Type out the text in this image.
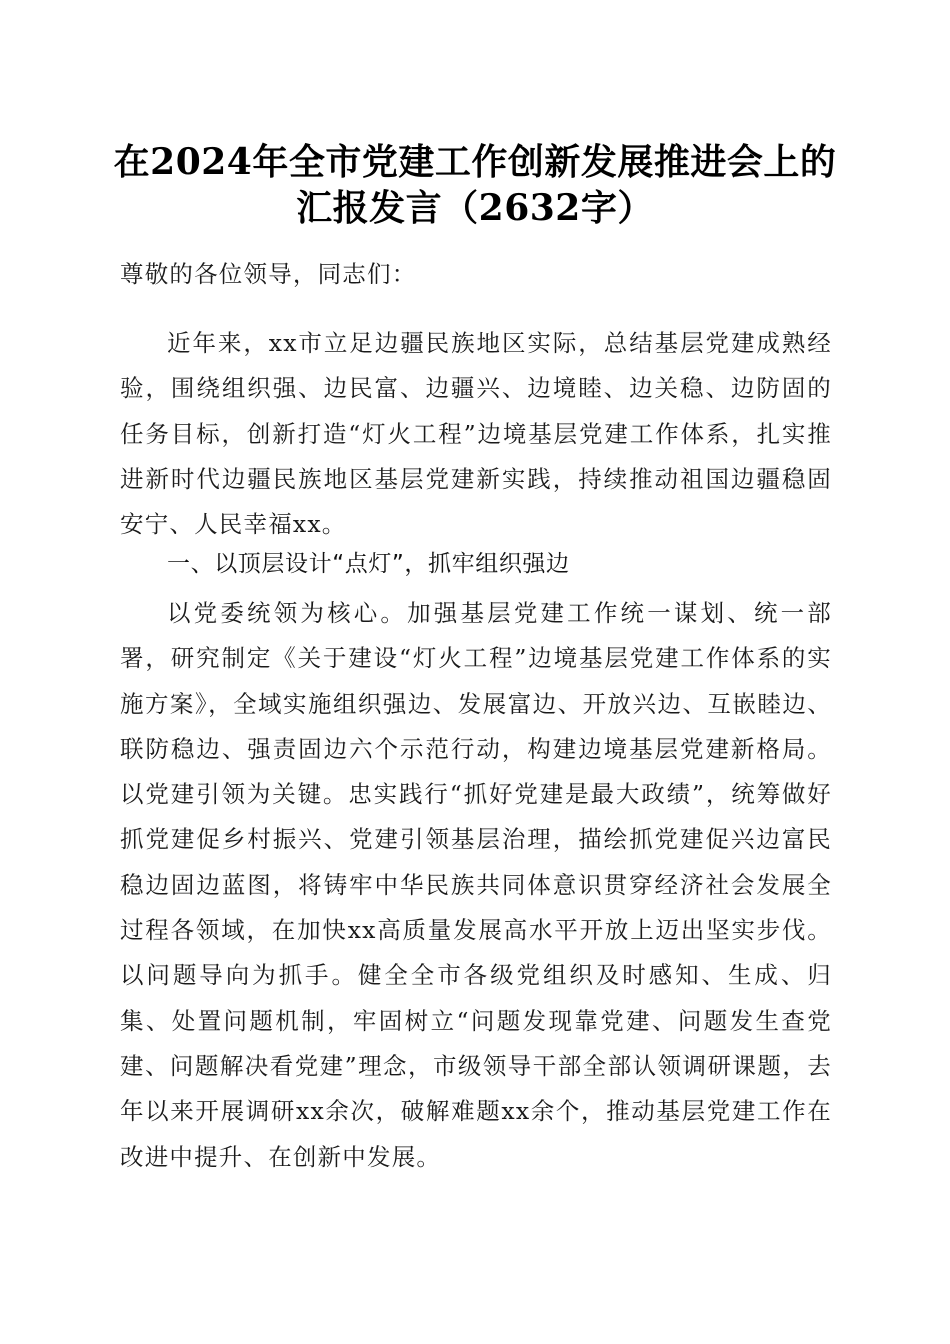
在2024年全市党建工作创新发展推进会上的
汇报发言（2632字）
尊敬的各位领导，同志们：
近年来，xx市立足边疆民族地区实际，总结基层党建成熟经验，围绕组织强、边民富、边疆兴、边境睦、边关稳、边防固的任务目标，创新打造“灯火工程”边境基层党建工作体系，扎实推进新时代边疆民族地区基层党建新实践，持续推动祖国边疆稳固安宁、人民幸福xx。
一、以顶层设计“点灯”，抓牢组织强边
以党委统领为核心。加强基层党建工作统一谋划、统一部署，研究制定《关于建设“灯火工程”边境基层党建工作体系的实施方案》，全域实施组织强边、发展富边、开放兴边、互嵌睦边、联防稳边、强责固边六个示范行动，构建边境基层党建新格局。以党建引领为关键。忠实践行“抓好党建是最大政绩”，统筹做好抓党建促乡村振兴、党建引领基层治理，描绘抓党建促兴边富民稳边固边蓝图，将铸牢中华民族共同体意识贯穿经济社会发展全过程各领域，在加快xx高质量发展高水平开放上迈出坚实步伐。以问题导向为抓手。健全全市各级党组织及时感知、生成、归集、处置问题机制，牢固树立“问题发现靠党建、问题发生查党建、问题解决看党建”理念，市级领导干部全部认领调研课题，去年以来开展调研xx余次，破解难题xx余个，推动基层党建工作在改进中提升、在创新中发展。
